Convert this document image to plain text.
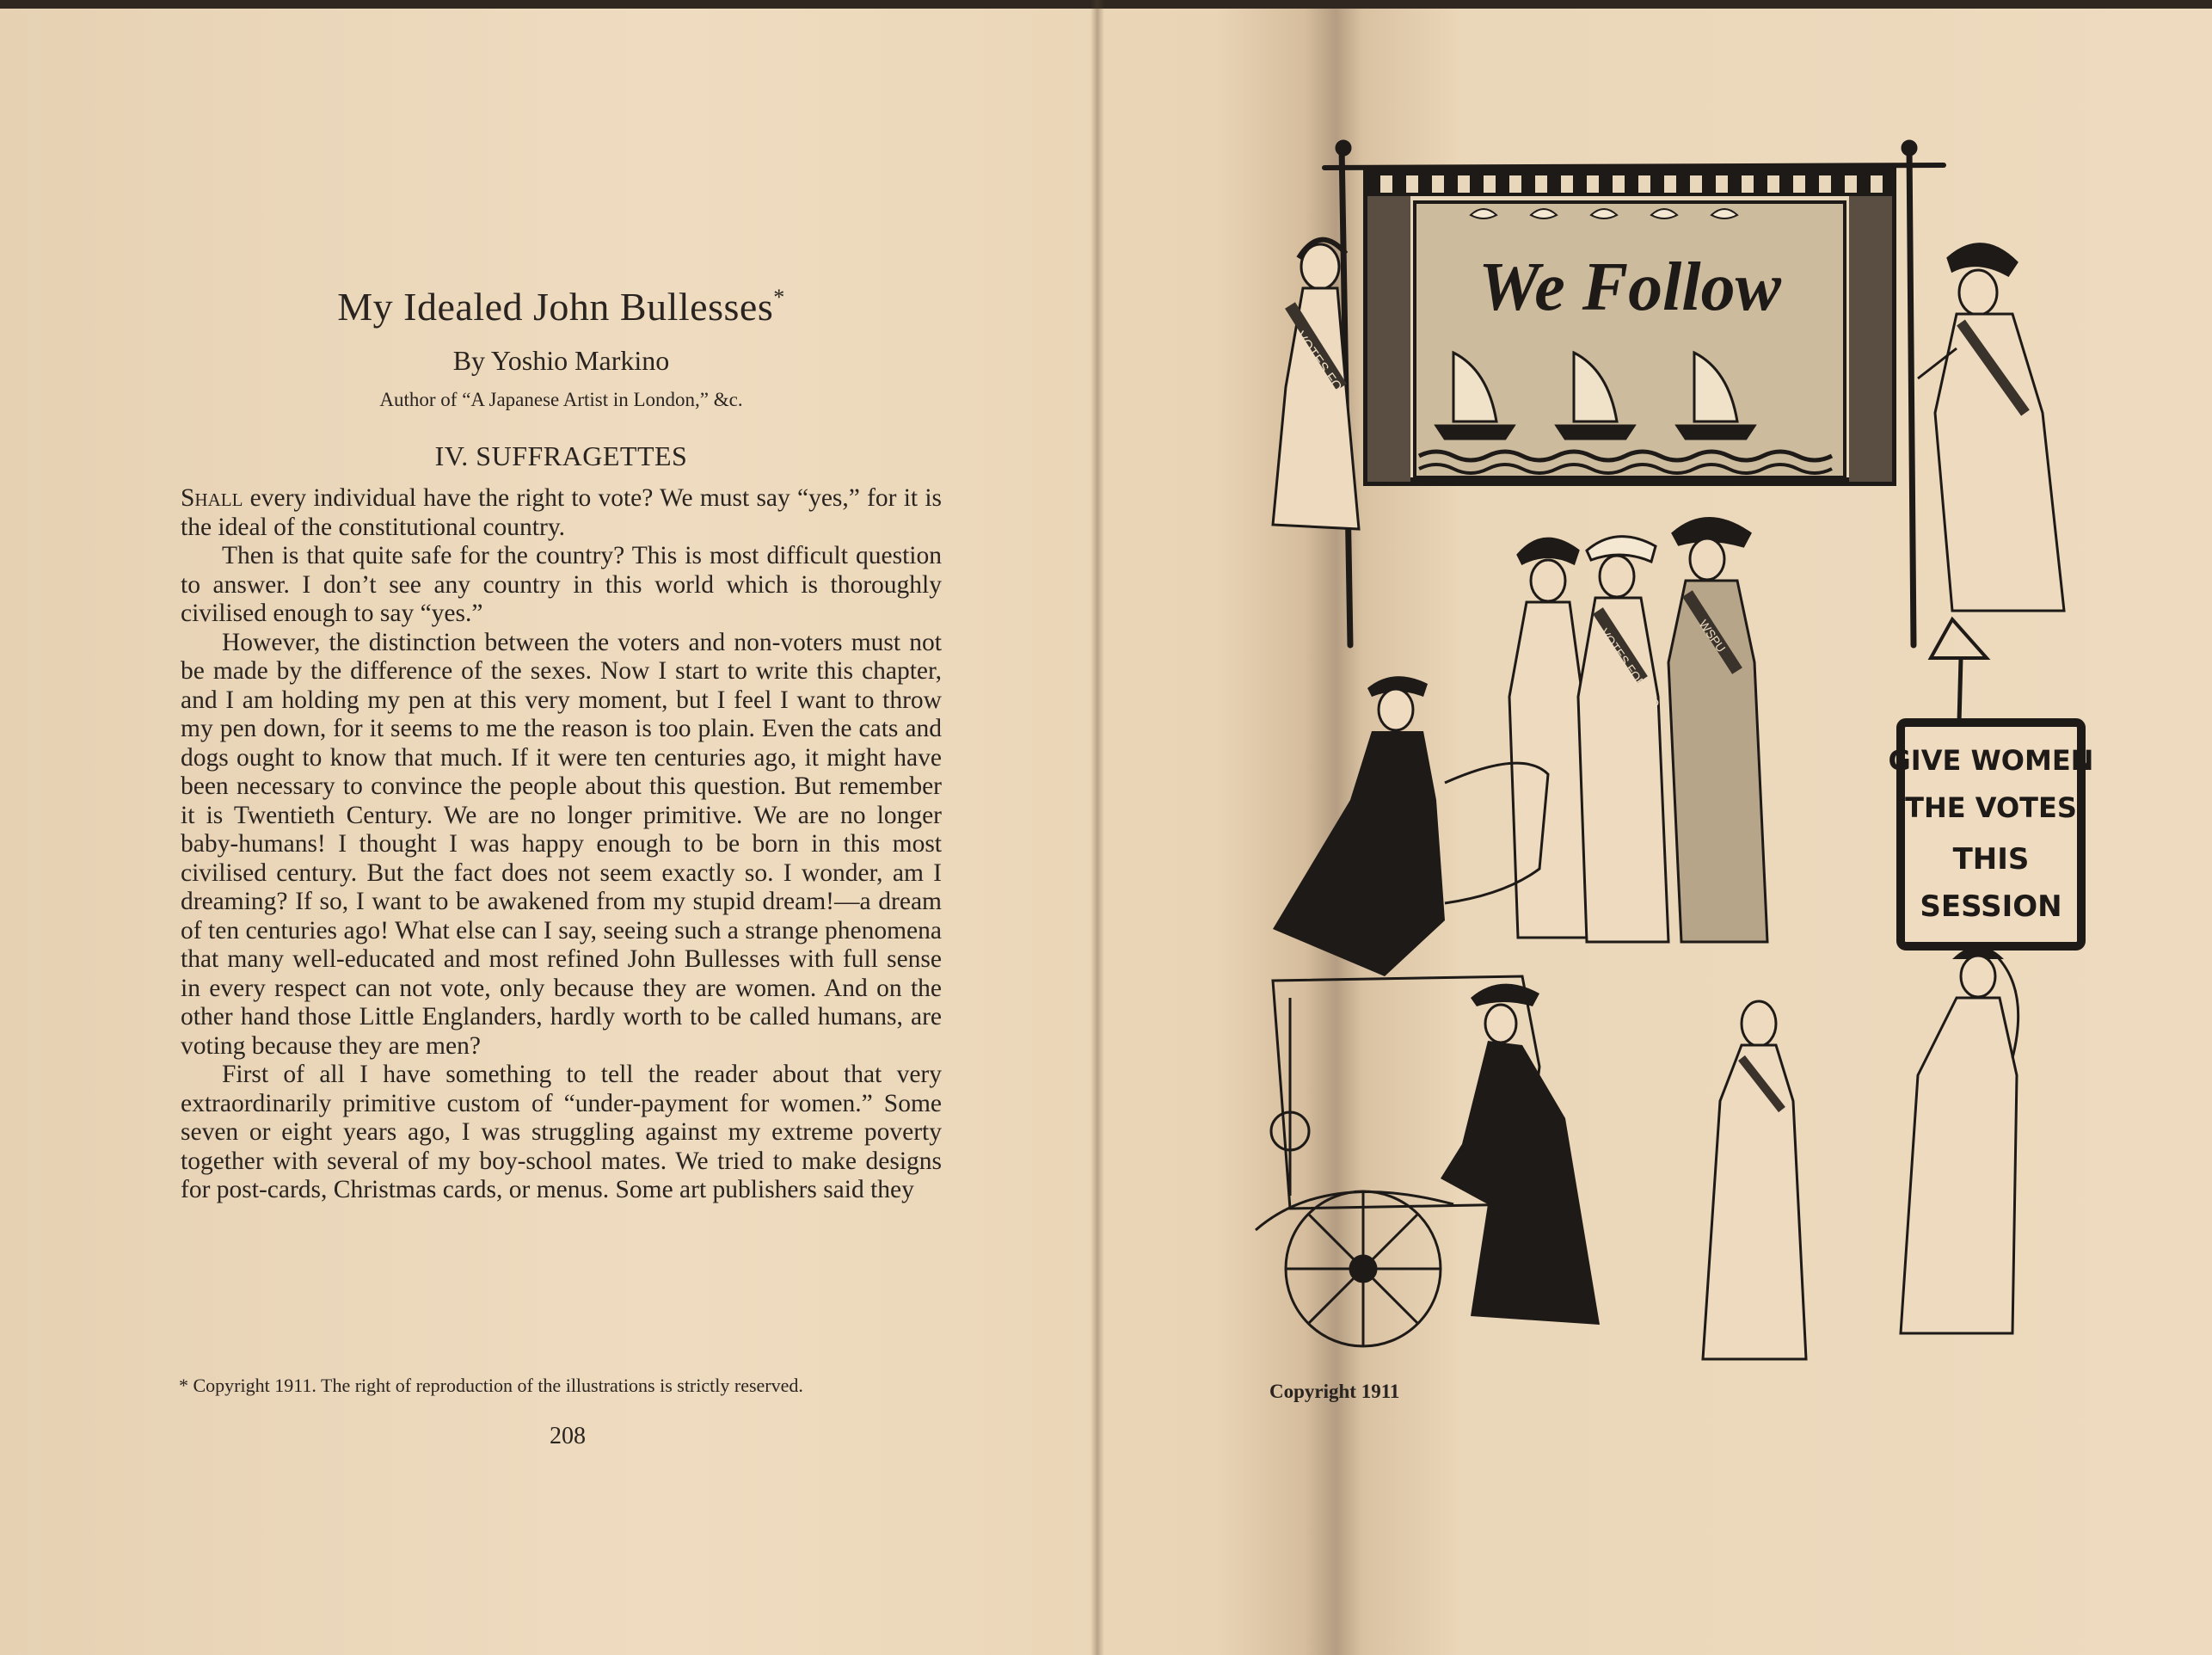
My Idealed John Bullesses*
By Yoshio Markino
Author of “A Japanese Artist in London,” &c.
IV. SUFFRAGETTES

Shall every individual have the right to vote? We must say “yes,” for it is the ideal of the constitutional country.

Then is that quite safe for the country? This is most difficult question to answer. I don’t see any country in this world which is thoroughly civilised enough to say “yes.”

However, the distinction between the voters and non-voters must not be made by the difference of the sexes. Now I start to write this chapter, and I am holding my pen at this very moment, but I feel I want to throw my pen down, for it seems to me the reason is too plain. Even the cats and dogs ought to know that much. If it were ten centuries ago, it might have been necessary to convince the people about this question. But remember it is Twentieth Century. We are no longer primitive. We are no longer baby-humans! I thought I was happy enough to be born in this most civilised century. But the fact does not seem exactly so. I wonder, am I dreaming? If so, I want to be awakened from my stupid dream!—a dream of ten centuries ago! What else can I say, seeing such a strange phenomena that many well-educated and most refined John Bullesses with full sense in every respect can not vote, only because they are women. And on the other hand those Little Englanders, hardly worth to be called humans, are voting because they are men?

First of all I have something to tell the reader about that very extraordinarily primitive custom of “under-payment for women.” Some seven or eight years ago, I was struggling against my extreme poverty together with several of my boy-school mates. We tried to make designs for post-cards, Christmas cards, or menus. Some art publishers said they

* Copyright 1911. The right of reproduction of the illustrations is strictly reserved.
208
We Follow
VOTES FO
VOTES FOR WO	WSPU
GIVE WOMEN
THE VOTES
THIS
SESSION
Copyright 1911
